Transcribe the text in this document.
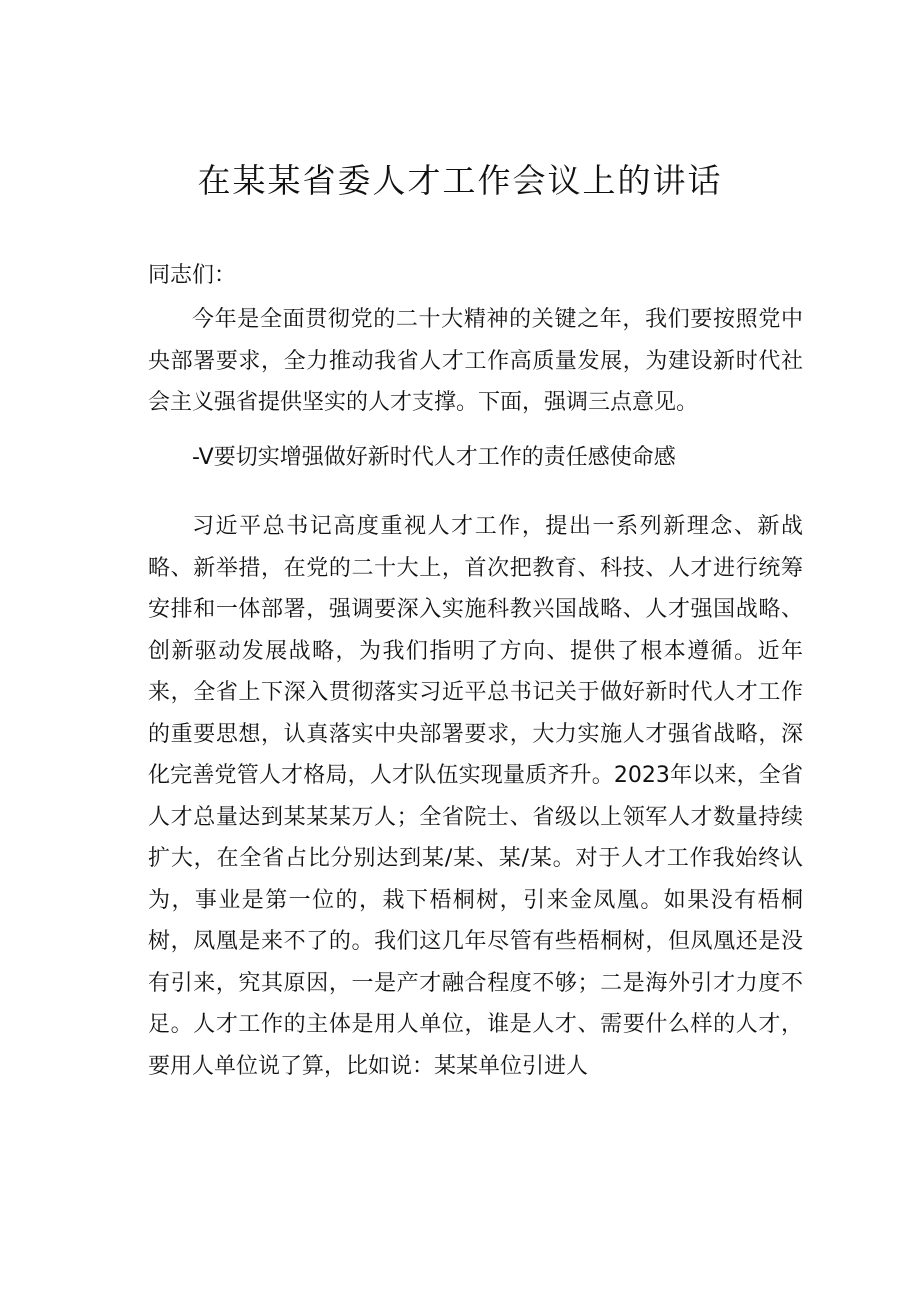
在某某省委人才工作会议上的讲话

同志们：

今年是全面贯彻党的二十大精神的关键之年，我们要按照党中央部署要求，全力推动我省人才工作高质量发展，为建设新时代社会主义强省提供坚实的人才支撑。下面，强调三点意见。

-V要切实增强做好新时代人才工作的责任感使命感

习近平总书记高度重视人才工作，提出一系列新理念、新战略、新举措，在党的二十大上，首次把教育、科技、人才进行统筹安排和一体部署，强调要深入实施科教兴国战略、人才强国战略、创新驱动发展战略，为我们指明了方向、提供了根本遵循。近年来，全省上下深入贯彻落实习近平总书记关于做好新时代人才工作的重要思想，认真落实中央部署要求，大力实施人才强省战略，深化完善党管人才格局，人才队伍实现量质齐升。2023年以来，全省人才总量达到某某某万人；全省院士、省级以上领军人才数量持续扩大，在全省占比分别达到某/某、某/某。对于人才工作我始终认为，事业是第一位的，栽下梧桐树，引来金凤凰。如果没有梧桐树，凤凰是来不了的。我们这几年尽管有些梧桐树，但凤凰还是没有引来，究其原因，一是产才融合程度不够；二是海外引才力度不足。人才工作的主体是用人单位，谁是人才、需要什么样的人才，要用人单位说了算，比如说：某某单位引进人
